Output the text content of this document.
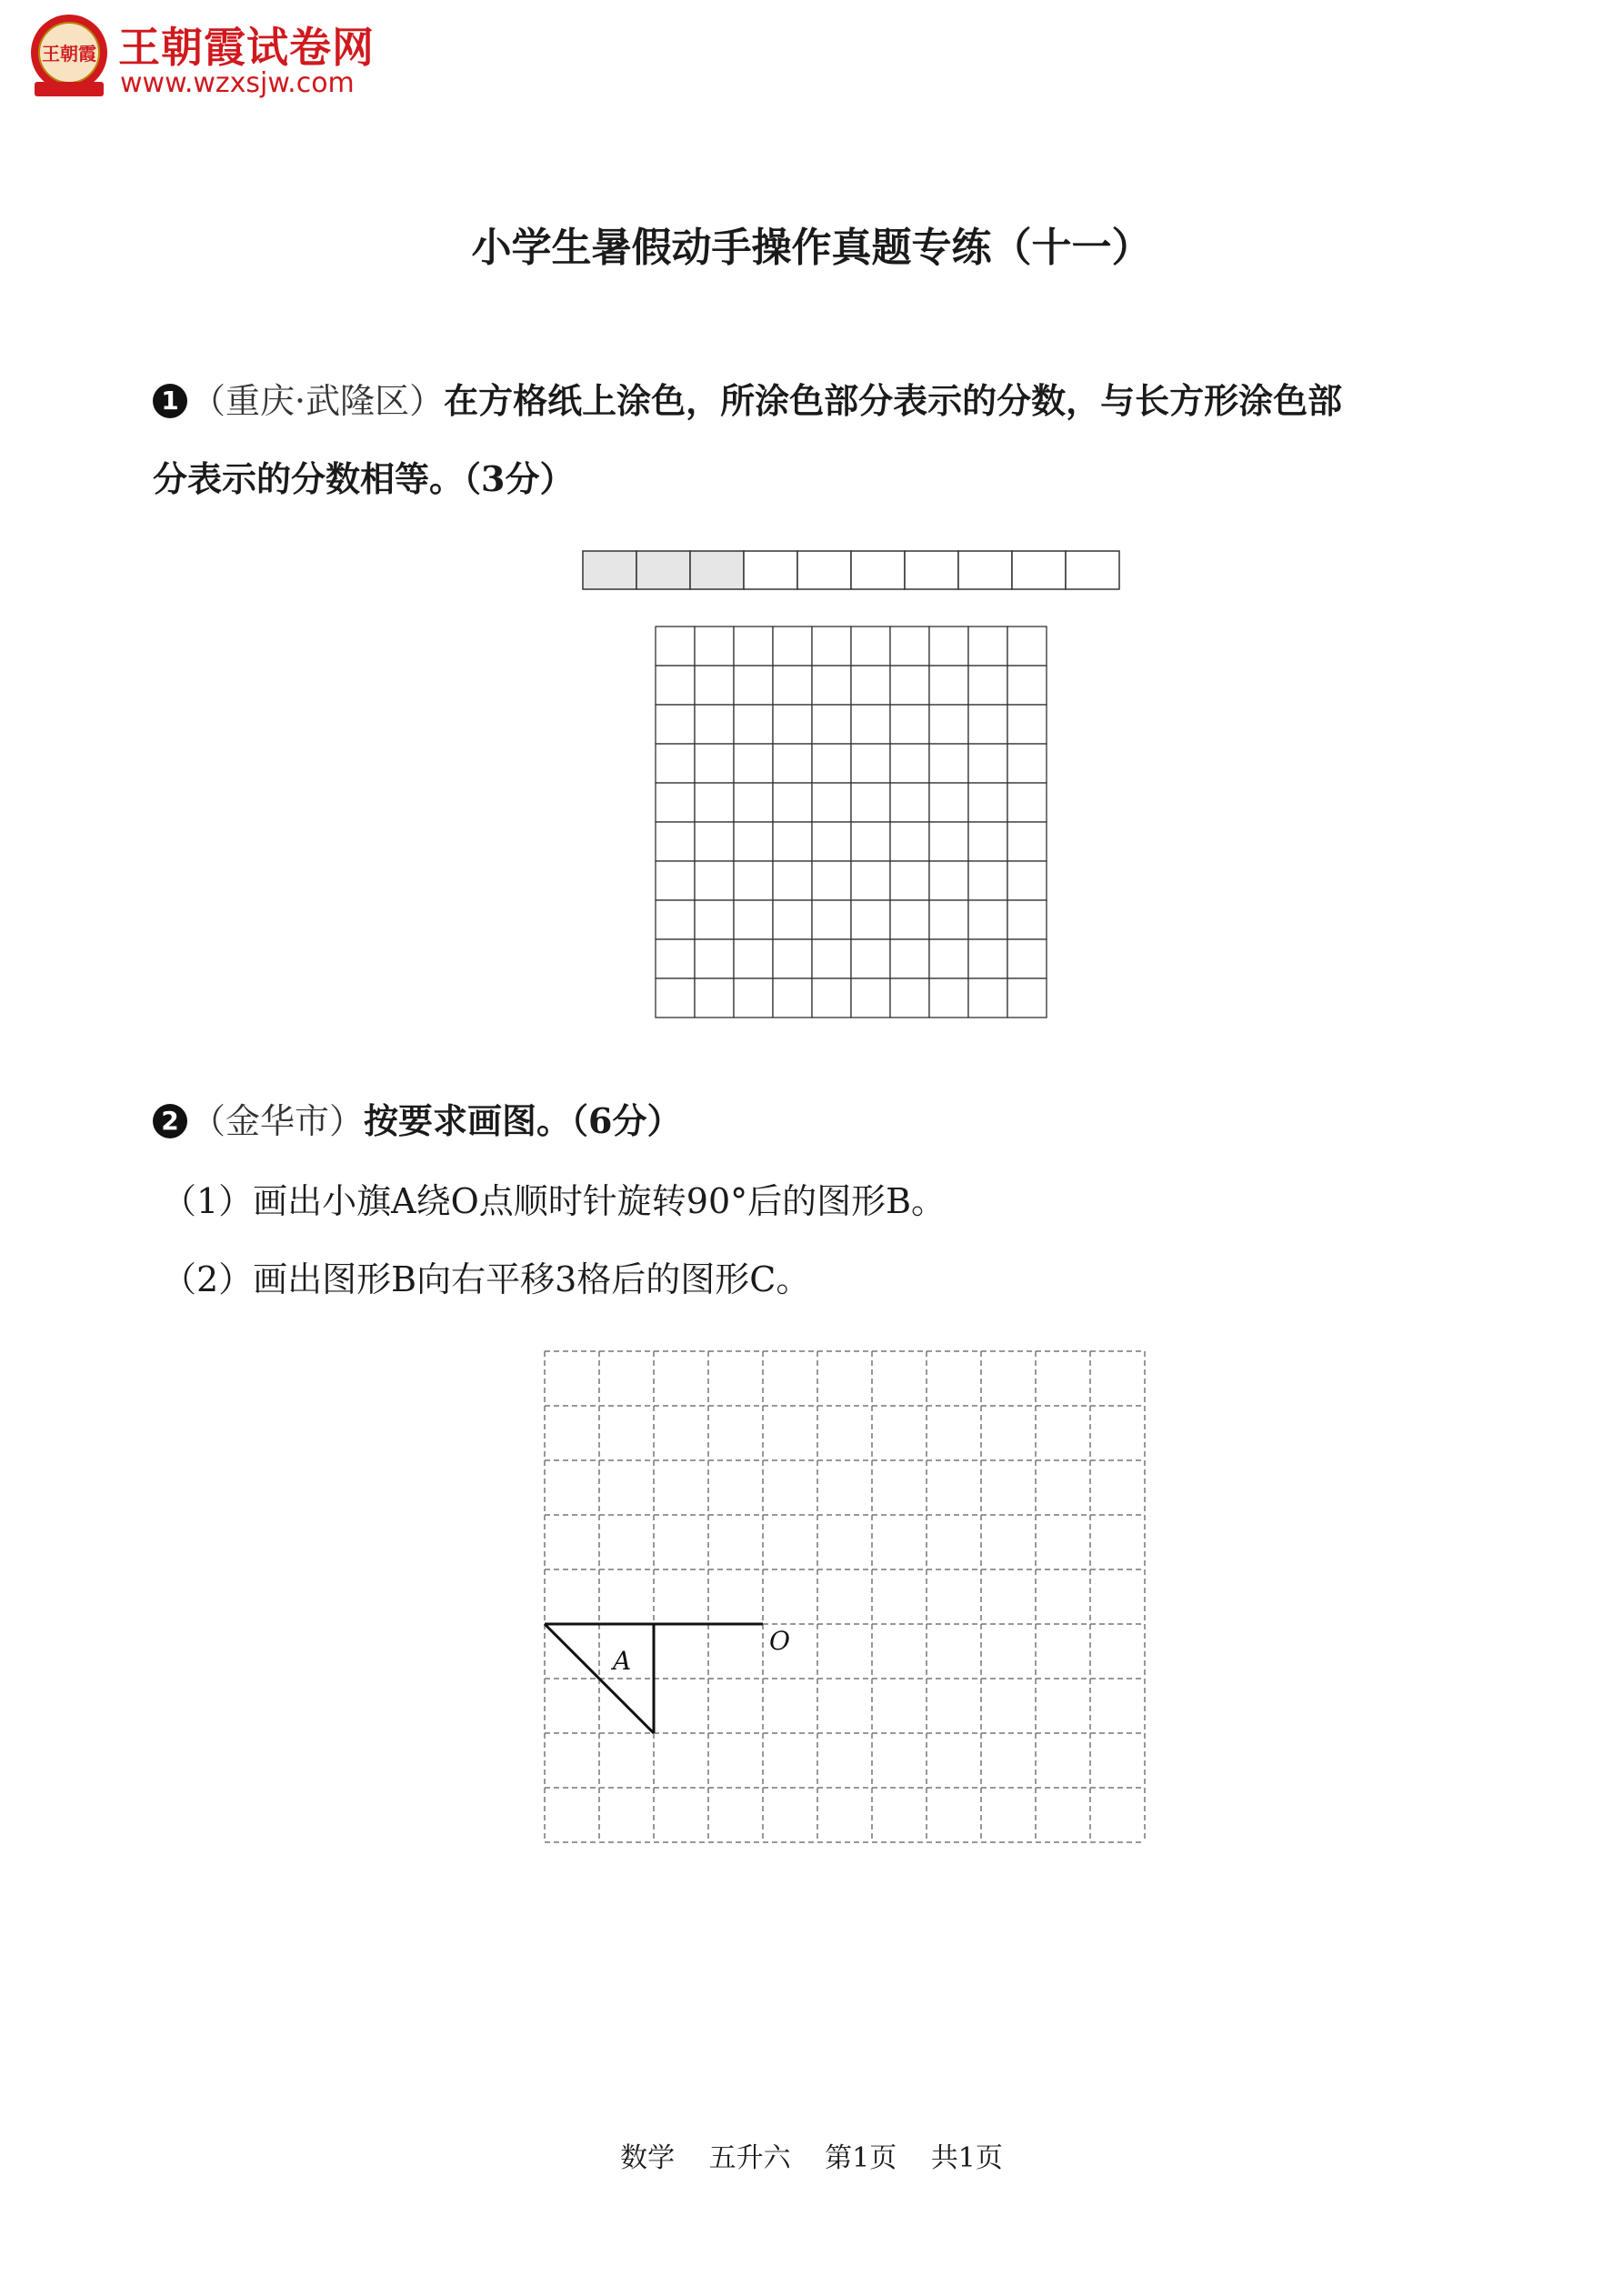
王朝霞 王朝霞试卷网
www.wzxsjw.com
小学生暑假动手操作真题专练（十一）
1 （重庆·武隆区）在方格纸上涂色，所涂色部分表示的分数，与长方形涂色部
分表示的分数相等。（3分）
2 （金华市）按要求画图。（6分）
（1）画出小旗A绕O点顺时针旋转90°后的图形B。
（2）画出图形B向右平移3格后的图形C。
A
O
数学 五升六 第1页 共1页
